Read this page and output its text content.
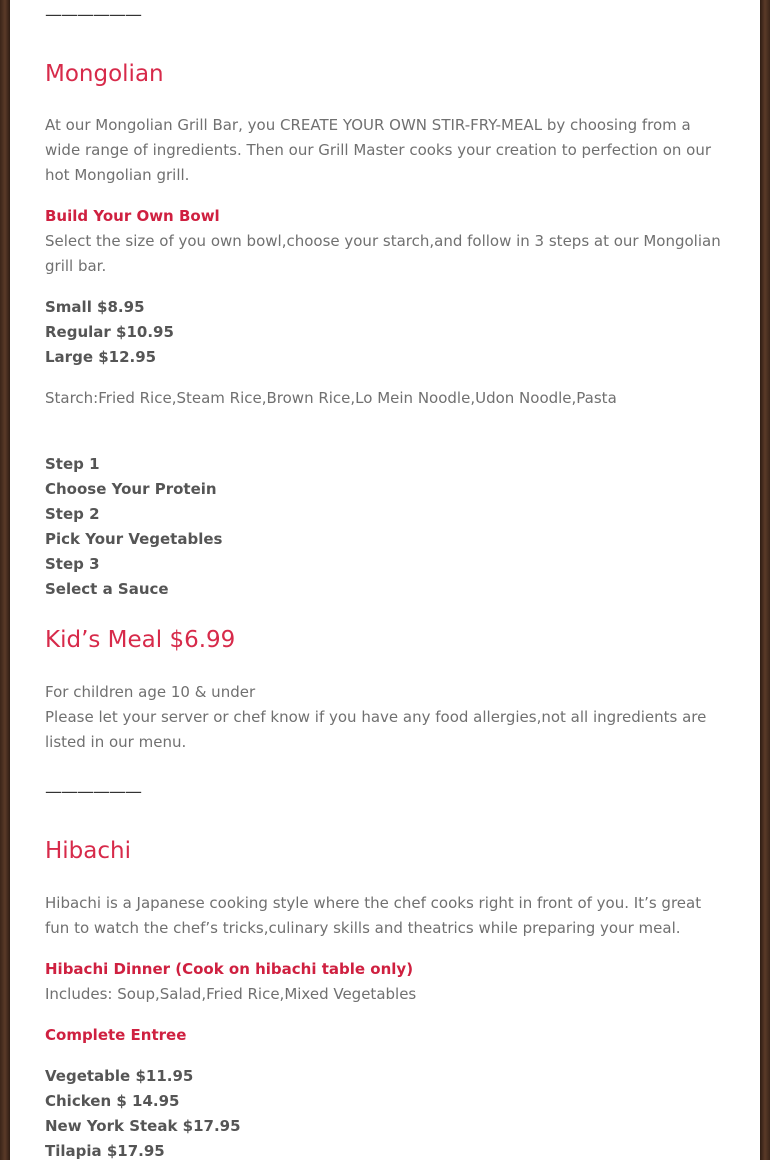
——————
Mongolian

At our Mongolian Grill Bar, you CREATE YOUR OWN STIR-FRY-MEAL by choosing from a wide range of ingredients. Then our Grill Master cooks your creation to perfection on our hot Mongolian grill.

Build Your Own Bowl

Select the size of you own bowl,choose your starch,and follow in 3 steps at our Mongolian grill bar.

Small $8.95
Regular $10.95
Large $12.95

Starch:Fried Rice,Steam Rice,Brown Rice,Lo Mein Noodle,Udon Noodle,Pasta

Step 1
Choose Your Protein
Step 2
Pick Your Vegetables
Step 3
Select a Sauce
Kid’s Meal $6.99

For children age 10 & under

Please let your server or chef know if you have any food allergies,not all ingredients are listed in our menu.

——————
Hibachi

Hibachi is a Japanese cooking style where the chef cooks right in front of you. It’s great fun to watch the chef’s tricks,culinary skills and theatrics while preparing your meal.

Hibachi Dinner (Cook on hibachi table only)

Includes: Soup,Salad,Fried Rice,Mixed Vegetables

Complete Entree
Vegetable $11.95
Chicken $ 14.95
New York Steak $17.95
Tilapia $17.95
